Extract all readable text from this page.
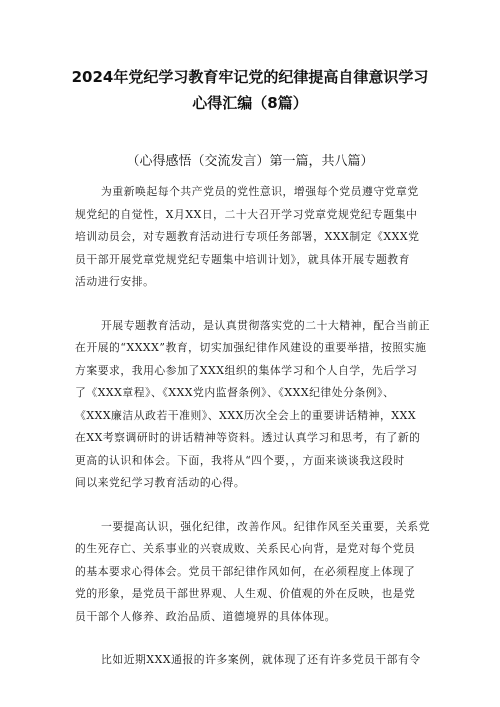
2024年党纪学习教育牢记党的纪律提高自律意识学习
心得汇编（8篇）
（心得感悟（交流发言）第一篇，共八篇）
为重新唤起每个共产党员的党性意识，增强每个党员遵守党章党
规党纪的自觉性，X月XX日，二十大召开学习党章党规党纪专题集中
培训动员会，对专题教育活动进行专项任务部署，XXX制定《XXX党
员干部开展党章党规党纪专题集中培训计划》，就具体开展专题教育
活动进行安排。
开展专题教育活动，是认真贯彻落实党的二十大精神，配合当前正
在开展的“XXXX”教育，切实加强纪律作风建设的重要举措，按照实施
方案要求，我用心参加了XXX组织的集体学习和个人自学，先后学习
了《XXX章程》、《XXX党内监督条例》、《XXX纪律处分条例》、
《XXX廉洁从政若干准则》、XXX历次全会上的重要讲话精神，XXX
在XX考察调研时的讲话精神等资料。透过认真学习和思考，有了新的
更高的认识和体会。下面，我将从“四个要，，方面来谈谈我这段时
间以来党纪学习教育活动的心得。
一要提高认识，强化纪律，改善作风。纪律作风至关重要，关系党
的生死存亡、关系事业的兴衰成败、关系民心向背，是党对每个党员
的基本要求心得体会。党员干部纪律作风如何，在必须程度上体现了
党的形象，是党员干部世界观、人生观、价值观的外在反映，也是党
员干部个人修养、政治品质、道德境界的具体体现。
比如近期XXX通报的许多案例，就体现了还有许多党员干部有令
